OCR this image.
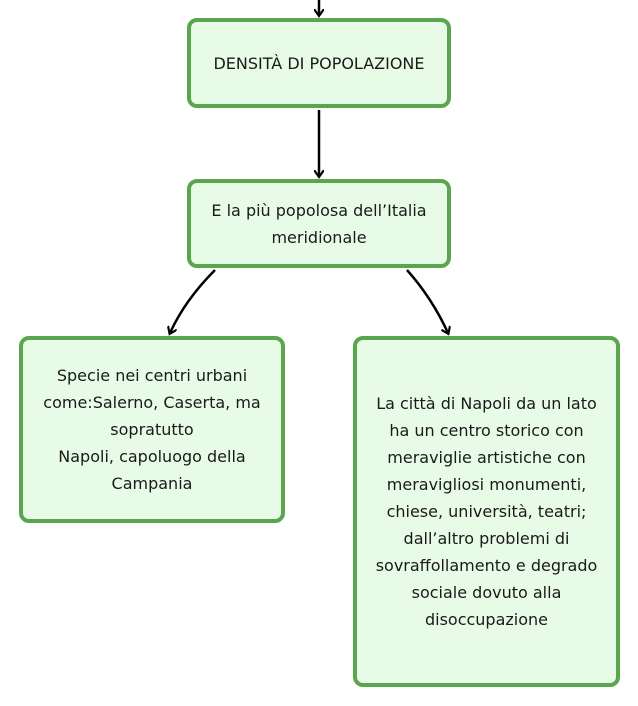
DENSITÀ DI POPOLAZIONE
E la più popolosa dell’Italia
meridionale
Specie nei centri urbani
come:Salerno, Caserta, ma
sopratutto
Napoli, capoluogo della
Campania
La città di Napoli da un lato
ha un centro storico con
meraviglie artistiche con
meravigliosi monumenti,
chiese, università, teatri;
dall’altro problemi di
sovraffollamento e degrado
sociale dovuto alla
disoccupazione
